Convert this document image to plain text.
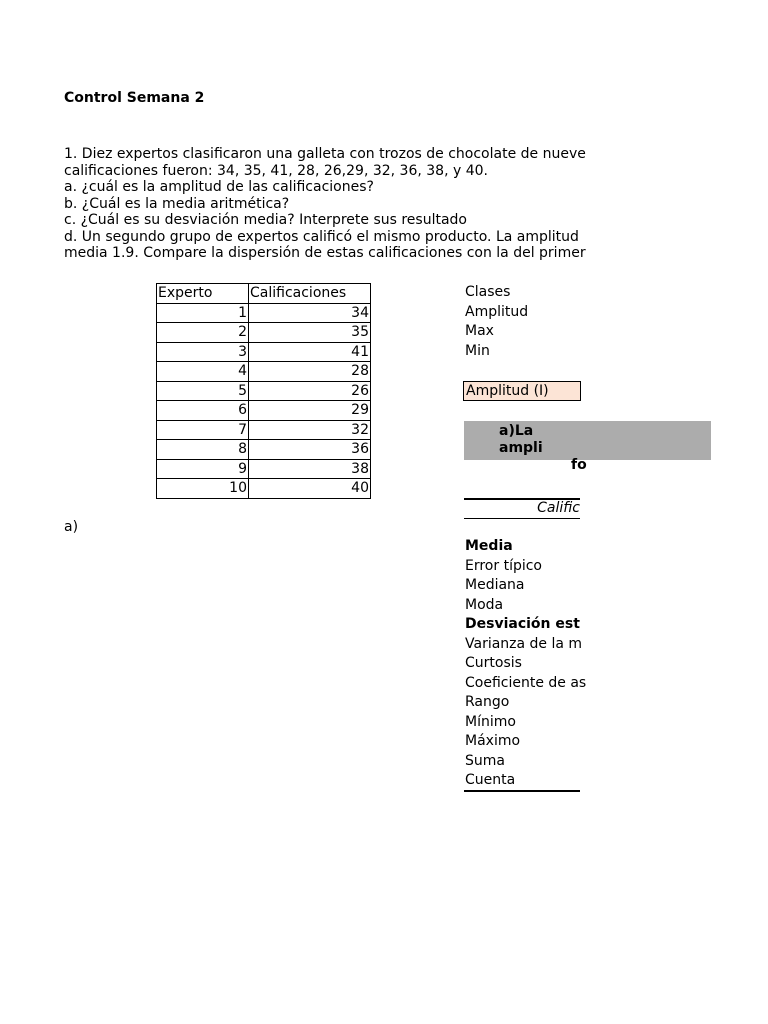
Control Semana 2
1. Diez expertos clasificaron una galleta con trozos de chocolate de nueve
calificaciones fueron: 34, 35, 41, 28, 26,29, 32, 36, 38, y 40.
a. ¿cuál es la amplitud de las calificaciones?
b. ¿Cuál es la media aritmética?
c. ¿Cuál es su desviación media? Interprete sus resultado
d. Un segundo grupo de expertos calificó el mismo producto. La amplitud
media 1.9. Compare la dispersión de estas calificaciones con la del primer
Experto	Calificaciones
1	34
2	35
3	41
4	28
5	26
6	29
7	32
8	36
9	38
10	40
a)
Clases
Amplitud
Max
Min
Amplitud (I)
a)La ampli
fo
Calific
Media
Error típico
Mediana
Moda
Desviación est
Varianza de la m
Curtosis
Coeficiente de as
Rango
Mínimo
Máximo
Suma
Cuenta
